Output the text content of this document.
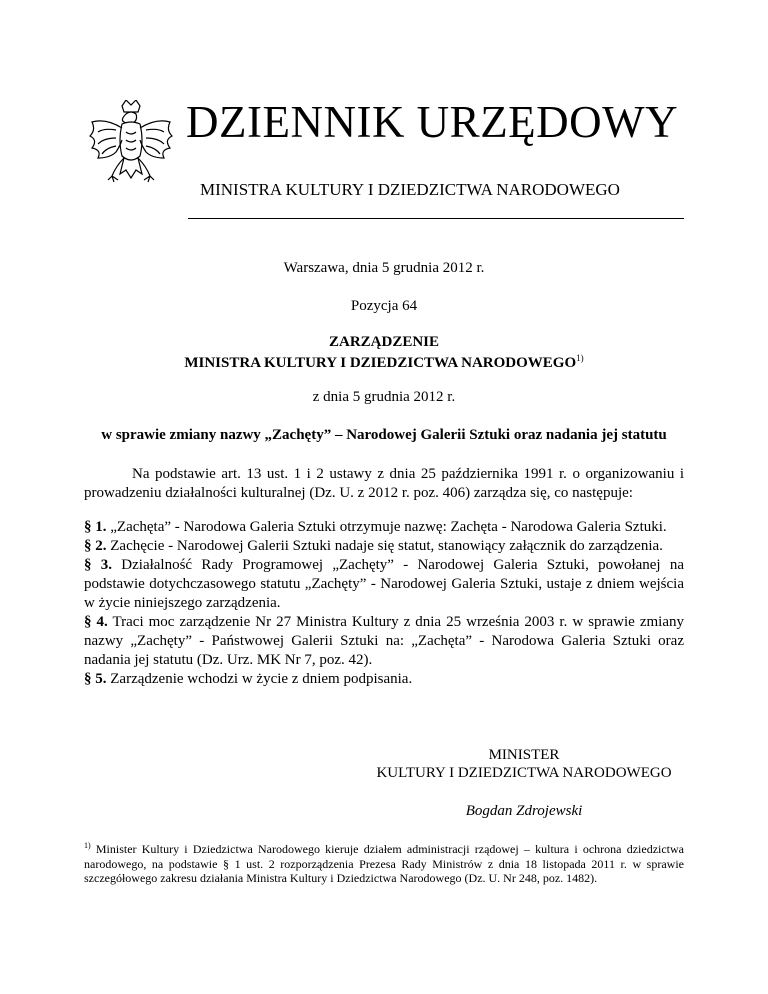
DZIENNIK URZĘDOWY
MINISTRA KULTURY I DZIEDZICTWA NARODOWEGO
Warszawa, dnia 5 grudnia 2012 r.
Pozycja 64
ZARZĄDZENIE
MINISTRA KULTURY I DZIEDZICTWA NARODOWEGO$^{1)}$
z dnia 5 grudnia 2012 r.
w sprawie zmiany nazwy „Zachęty” – Narodowej Galerii Sztuki oraz nadania jej statutu
Na podstawie art. 13 ust. 1 i 2 ustawy z dnia 25 października 1991 r. o organizowaniu i prowadzeniu działalności kulturalnej (Dz. U. z 2012 r. poz. 406) zarządza się, co następuje:

§ 1. „Zachęta” - Narodowa Galeria Sztuki otrzymuje nazwę: Zachęta - Narodowa Galeria Sztuki.

§ 2. Zachęcie - Narodowej Galerii Sztuki nadaje się statut, stanowiący załącznik do zarządzenia.

§ 3. Działalność Rady Programowej „Zachęty” - Narodowej Galeria Sztuki, powołanej na podstawie dotychczasowego statutu „Zachęty” - Narodowej Galeria Sztuki, ustaje z dniem wejścia w życie niniejszego zarządzenia.

§ 4. Traci moc zarządzenie Nr 27 Ministra Kultury z dnia 25 września 2003 r. w sprawie zmiany nazwy „Zachęty” - Państwowej Galerii Sztuki na: „Zachęta” - Narodowa Galeria Sztuki oraz nadania jej statutu (Dz. Urz. MK Nr 7, poz. 42).

§ 5. Zarządzenie wchodzi w życie z dniem podpisania.

MINISTER
KULTURY I DZIEDZICTWA NARODOWEGO
Bogdan Zdrojewski
$^{1)}$ Minister Kultury i Dziedzictwa Narodowego kieruje działem administracji rządowej – kultura i ochrona dziedzictwa narodowego, na podstawie § 1 ust. 2 rozporządzenia Prezesa Rady Ministrów z dnia 18 listopada 2011 r. w sprawie szczegółowego zakresu działania Ministra Kultury i Dziedzictwa Narodowego (Dz. U. Nr 248, poz. 1482).
